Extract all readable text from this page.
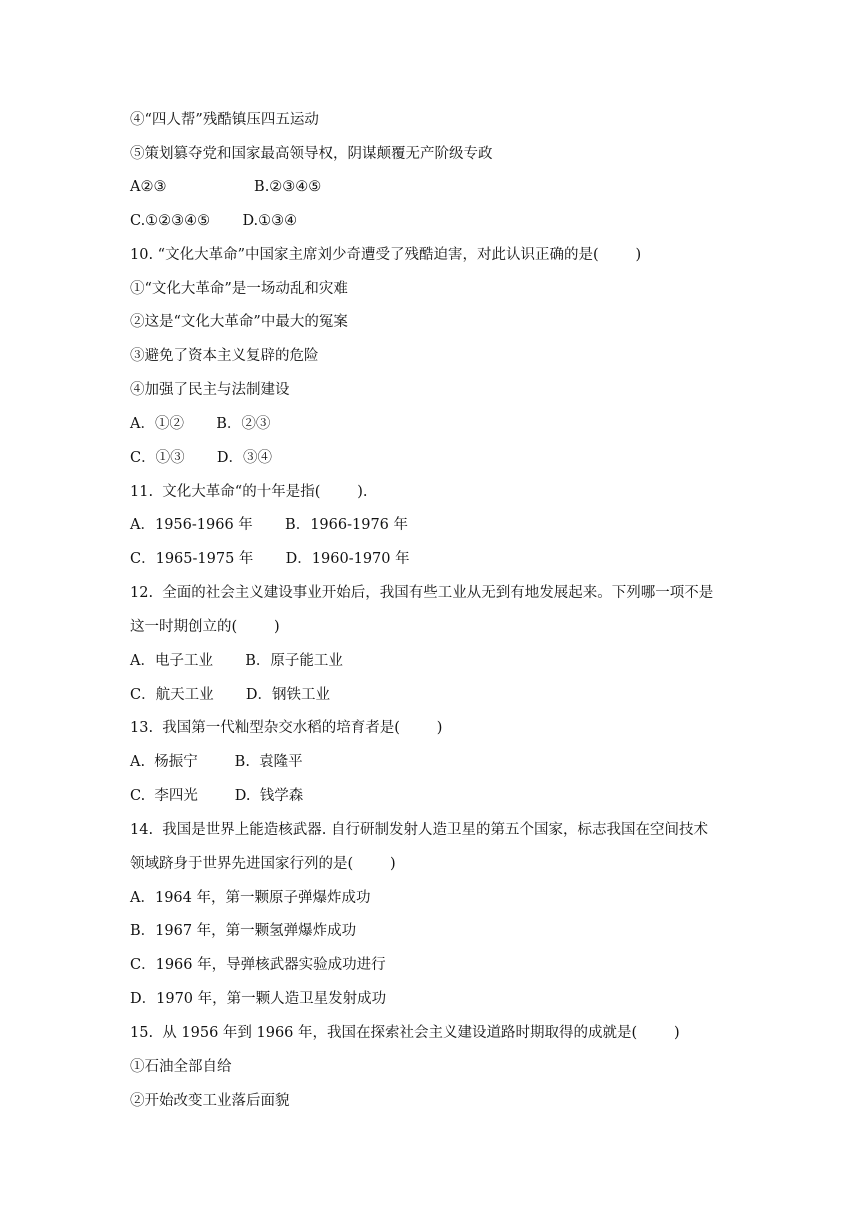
④“四人帮”残酷镇压四五运动
⑤策划篡夺党和国家最高领导权，阴谋颠覆无产阶级专政
A②③                   B.②③④⑤
C.①②③④⑤       D.①③④
10. “文化大革命”中国家主席刘少奇遭受了残酷迫害，对此认识正确的是(        )
①“文化大革命”是一场动乱和灾难
②这是“文化大革命”中最大的冤案
③避免了资本主义复辟的危险
④加强了民主与法制建设
A．①②       B．②③
C．①③       D．③④
11.  文化大革命“的十年是指(        ).
A．1956-1966 年       B．1966-1976 年
C．1965-1975 年       D．1960-1970 年
12.  全面的社会主义建设事业开始后，我国有些工业从无到有地发展起来。下列哪一项不是
这一时期创立的(        )
A．电子工业       B．原子能工业
C．航天工业       D．钢铁工业
13.  我国第一代籼型杂交水稻的培育者是(        )
A.  杨振宁        B.  袁隆平
C.  李四光        D.  钱学森
14.  我国是世界上能造核武器. 自行研制发射人造卫星的第五个国家，标志我国在空间技术
领域跻身于世界先进国家行列的是(        )
A．1964 年，第一颗原子弹爆炸成功
B．1967 年，第一颗氢弹爆炸成功
C．1966 年，导弹核武器实验成功进行
D．1970 年，第一颗人造卫星发射成功
15.  从 1956 年到 1966 年，我国在探索社会主义建设道路时期取得的成就是(        )
①石油全部自给
②开始改变工业落后面貌
